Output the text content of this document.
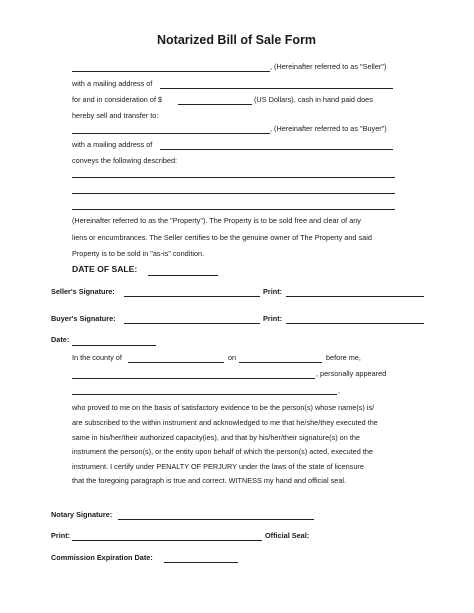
Notarized Bill of Sale Form
, (Hereinafter referred to as "Seller")
with a mailing address of
for and in consideration of $	(US Dollars), cash in hand paid does
hereby sell and transfer to:
, (Hereinafter referred to as "Buyer")
with a mailing address of
conveys the following described:
(Hereinafter referred to as the "Property"). The Property is to be sold free and clear of any
liens or encumbrances. The Seller certifies to be the genuine owner of The Property and said
Property is to be sold in "as-is" condition.
DATE OF SALE:
Seller's Signature:	Print:
Buyer's Signature:	Print:
Date:
In the county of	on	before me,
, personally appeared
,
who proved to me on the basis of satisfactory evidence to be the person(s) whose name(s) is/
are subscribed to the within instrument and acknowledged to me that he/she/they executed the
same in his/her/their authorized capacity(ies), and that by his/her/their signature(s) on the
instrument the person(s), or the entity upon behalf of which the person(s) acted, executed the
instrument. I certify under PENALTY OF PERJURY under the laws of the state of licensure
that the foregoing paragraph is true and correct. WITNESS my hand and official seal.
Notary Signature:
Print:	Official Seal:
Commission Expiration Date:
